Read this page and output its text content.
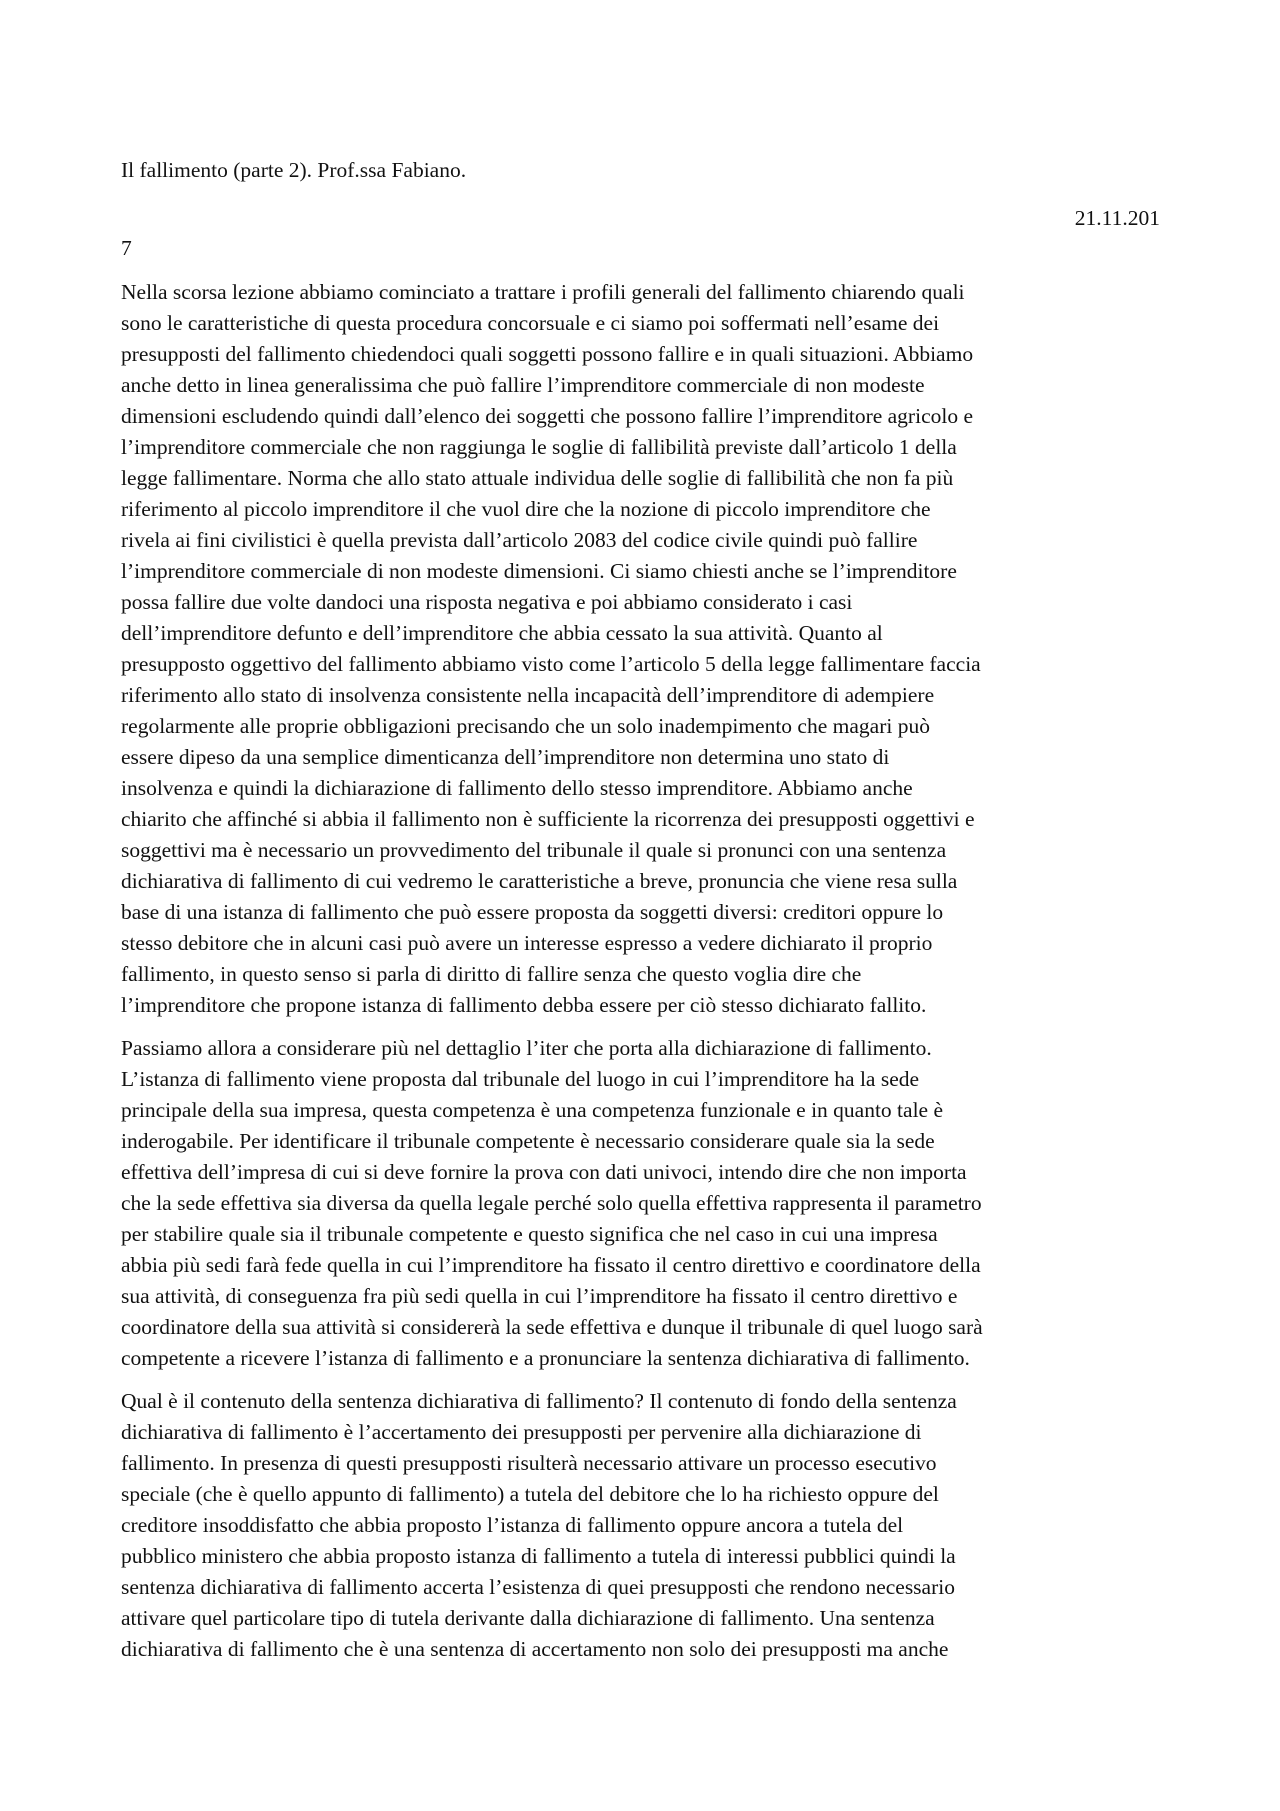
Il fallimento (parte 2). Prof.ssa Fabiano.
21.11.201
7
Nella scorsa lezione abbiamo cominciato a trattare i profili generali del fallimento chiarendo quali
sono le caratteristiche di questa procedura concorsuale e ci siamo poi soffermati nell’esame dei
presupposti del fallimento chiedendoci quali soggetti possono fallire e in quali situazioni. Abbiamo
anche detto in linea generalissima che può fallire l’imprenditore commerciale di non modeste
dimensioni escludendo quindi dall’elenco dei soggetti che possono fallire l’imprenditore agricolo e
l’imprenditore commerciale che non raggiunga le soglie di fallibilità previste dall’articolo 1 della
legge fallimentare. Norma che allo stato attuale individua delle soglie di fallibilità che non fa più
riferimento al piccolo imprenditore il che vuol dire che la nozione di piccolo imprenditore che
rivela ai fini civilistici è quella prevista dall’articolo 2083 del codice civile quindi può fallire
l’imprenditore commerciale di non modeste dimensioni. Ci siamo chiesti anche se l’imprenditore
possa fallire due volte dandoci una risposta negativa e poi abbiamo considerato i casi
dell’imprenditore defunto e dell’imprenditore che abbia cessato la sua attività. Quanto al
presupposto oggettivo del fallimento abbiamo visto come l’articolo 5 della legge fallimentare faccia
riferimento allo stato di insolvenza consistente nella incapacità dell’imprenditore di adempiere
regolarmente alle proprie obbligazioni precisando che un solo inadempimento che magari può
essere dipeso da una semplice dimenticanza dell’imprenditore non determina uno stato di
insolvenza e quindi la dichiarazione di fallimento dello stesso imprenditore. Abbiamo anche
chiarito che affinché si abbia il fallimento non è sufficiente la ricorrenza dei presupposti oggettivi e
soggettivi ma è necessario un provvedimento del tribunale il quale si pronunci con una sentenza
dichiarativa di fallimento di cui vedremo le caratteristiche a breve, pronuncia che viene resa sulla
base di una istanza di fallimento che può essere proposta da soggetti diversi: creditori oppure lo
stesso debitore che in alcuni casi può avere un interesse espresso a vedere dichiarato il proprio
fallimento, in questo senso si parla di diritto di fallire senza che questo voglia dire che
l’imprenditore che propone istanza di fallimento debba essere per ciò stesso dichiarato fallito.
Passiamo allora a considerare più nel dettaglio l’iter che porta alla dichiarazione di fallimento.
L’istanza di fallimento viene proposta dal tribunale del luogo in cui l’imprenditore ha la sede
principale della sua impresa, questa competenza è una competenza funzionale e in quanto tale è
inderogabile. Per identificare il tribunale competente è necessario considerare quale sia la sede
effettiva dell’impresa di cui si deve fornire la prova con dati univoci, intendo dire che non importa
che la sede effettiva sia diversa da quella legale perché solo quella effettiva rappresenta il parametro
per stabilire quale sia il tribunale competente e questo significa che nel caso in cui una impresa
abbia più sedi farà fede quella in cui l’imprenditore ha fissato il centro direttivo e coordinatore della
sua attività, di conseguenza fra più sedi quella in cui l’imprenditore ha fissato il centro direttivo e
coordinatore della sua attività si considererà la sede effettiva e dunque il tribunale di quel luogo sarà
competente a ricevere l’istanza di fallimento e a pronunciare la sentenza dichiarativa di fallimento.
Qual è il contenuto della sentenza dichiarativa di fallimento? Il contenuto di fondo della sentenza
dichiarativa di fallimento è l’accertamento dei presupposti per pervenire alla dichiarazione di
fallimento. In presenza di questi presupposti risulterà necessario attivare un processo esecutivo
speciale (che è quello appunto di fallimento) a tutela del debitore che lo ha richiesto oppure del
creditore insoddisfatto che abbia proposto l’istanza di fallimento oppure ancora a tutela del
pubblico ministero che abbia proposto istanza di fallimento a tutela di interessi pubblici quindi la
sentenza dichiarativa di fallimento accerta l’esistenza di quei presupposti che rendono necessario
attivare quel particolare tipo di tutela derivante dalla dichiarazione di fallimento. Una sentenza
dichiarativa di fallimento che è una sentenza di accertamento non solo dei presupposti ma anche
